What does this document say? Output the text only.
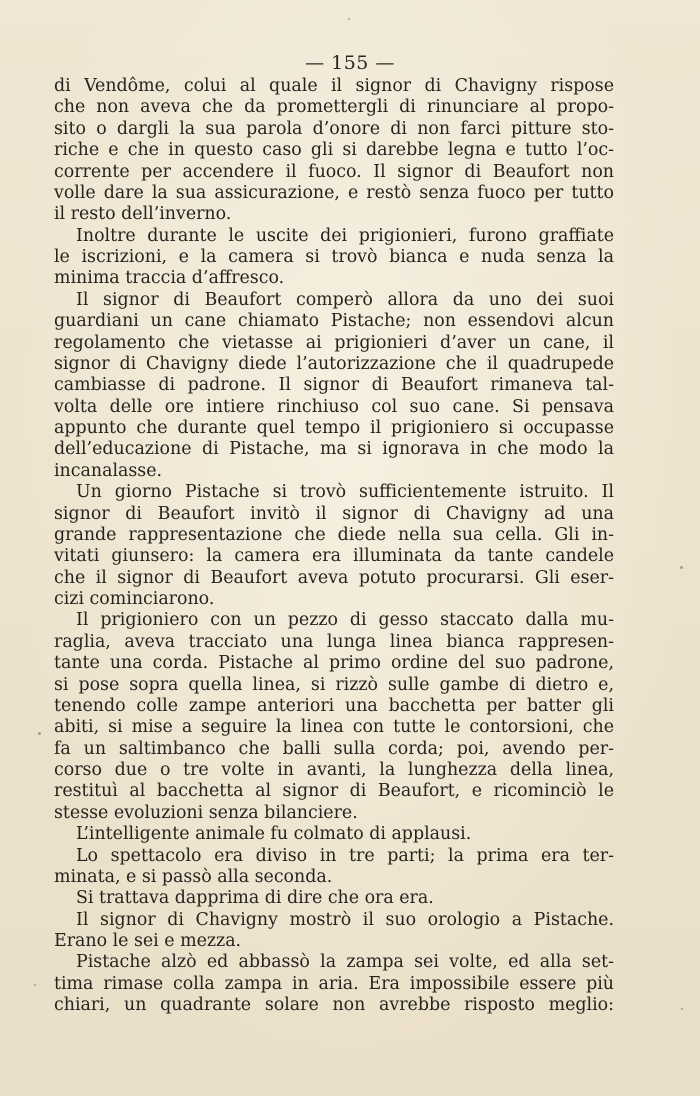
— 155 —
di Vendôme, colui al quale il signor di Chavigny rispose
che non aveva che da promettergli di rinunciare al propo-
sito o dargli la sua parola d’onore di non farci pitture sto-
riche e che in questo caso gli si darebbe legna e tutto l’oc-
corrente per accendere il fuoco. Il signor di Beaufort non
volle dare la sua assicurazione, e restò senza fuoco per tutto
il resto dell’inverno.
Inoltre durante le uscite dei prigionieri, furono graffiate
le iscrizioni, e la camera si trovò bianca e nuda senza la
minima traccia d’affresco.
Il signor di Beaufort comperò allora da uno dei suoi
guardiani un cane chiamato Pistache; non essendovi alcun
regolamento che vietasse ai prigionieri d’aver un cane, il
signor di Chavigny diede l’autorizzazione che il quadrupede
cambiasse di padrone. Il signor di Beaufort rimaneva tal-
volta delle ore intiere rinchiuso col suo cane. Si pensava
appunto che durante quel tempo il prigioniero si occupasse
dell’educazione di Pistache, ma si ignorava in che modo la
incanalasse.
Un giorno Pistache si trovò sufficientemente istruito. Il
signor di Beaufort invitò il signor di Chavigny ad una
grande rappresentazione che diede nella sua cella. Gli in-
vitati giunsero: la camera era illuminata da tante candele
che il signor di Beaufort aveva potuto procurarsi. Gli eser-
cizi cominciarono.
Il prigioniero con un pezzo di gesso staccato dalla mu-
raglia, aveva tracciato una lunga linea bianca rappresen-
tante una corda. Pistache al primo ordine del suo padrone,
si pose sopra quella linea, si rizzò sulle gambe di dietro e,
tenendo colle zampe anteriori una bacchetta per batter gli
abiti, si mise a seguire la linea con tutte le contorsioni, che
fa un saltimbanco che balli sulla corda; poi, avendo per-
corso due o tre volte in avanti, la lunghezza della linea,
restituì al bacchetta al signor di Beaufort, e ricominciò le
stesse evoluzioni senza bilanciere.
L’intelligente animale fu colmato di applausi.
Lo spettacolo era diviso in tre parti; la prima era ter-
minata, e si passò alla seconda.
Si trattava dapprima di dire che ora era.
Il signor di Chavigny mostrò il suo orologio a Pistache.
Erano le sei e mezza.
Pistache alzò ed abbassò la zampa sei volte, ed alla set-
tima rimase colla zampa in aria. Era impossibile essere più
chiari, un quadrante solare non avrebbe risposto meglio:
